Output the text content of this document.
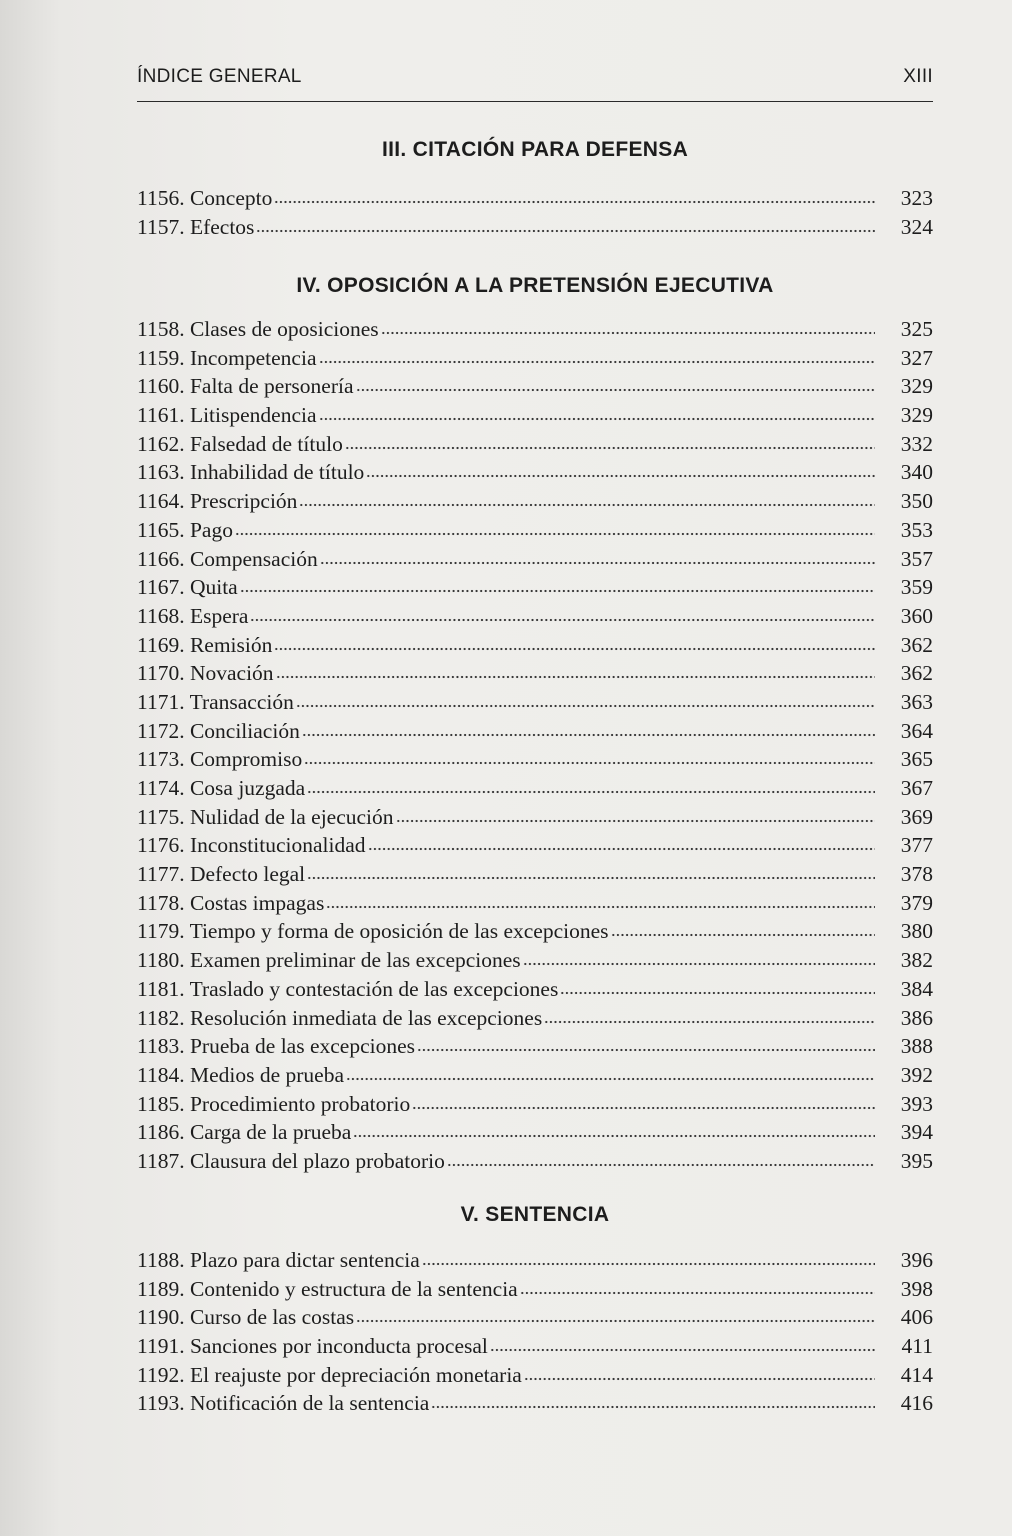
ÍNDICE GENERAL	XIII
III. CITACIÓN PARA DEFENSA
1156. Concepto	323
1157. Efectos	324
IV. OPOSICIÓN A LA PRETENSIÓN EJECUTIVA
1158. Clases de oposiciones	325
1159. Incompetencia	327
1160. Falta de personería	329
1161. Litispendencia	329
1162. Falsedad de título	332
1163. Inhabilidad de título	340
1164. Prescripción	350
1165. Pago	353
1166. Compensación	357
1167. Quita	359
1168. Espera	360
1169. Remisión	362
1170. Novación	362
1171. Transacción	363
1172. Conciliación	364
1173. Compromiso	365
1174. Cosa juzgada	367
1175. Nulidad de la ejecución	369
1176. Inconstitucionalidad	377
1177. Defecto legal	378
1178. Costas impagas	379
1179. Tiempo y forma de oposición de las excepciones	380
1180. Examen preliminar de las excepciones	382
1181. Traslado y contestación de las excepciones	384
1182. Resolución inmediata de las excepciones	386
1183. Prueba de las excepciones	388
1184. Medios de prueba	392
1185. Procedimiento probatorio	393
1186. Carga de la prueba	394
1187. Clausura del plazo probatorio	395
V. SENTENCIA
1188. Plazo para dictar sentencia	396
1189. Contenido y estructura de la sentencia	398
1190. Curso de las costas	406
1191. Sanciones por inconducta procesal	411
1192. El reajuste por depreciación monetaria	414
1193. Notificación de la sentencia	416
